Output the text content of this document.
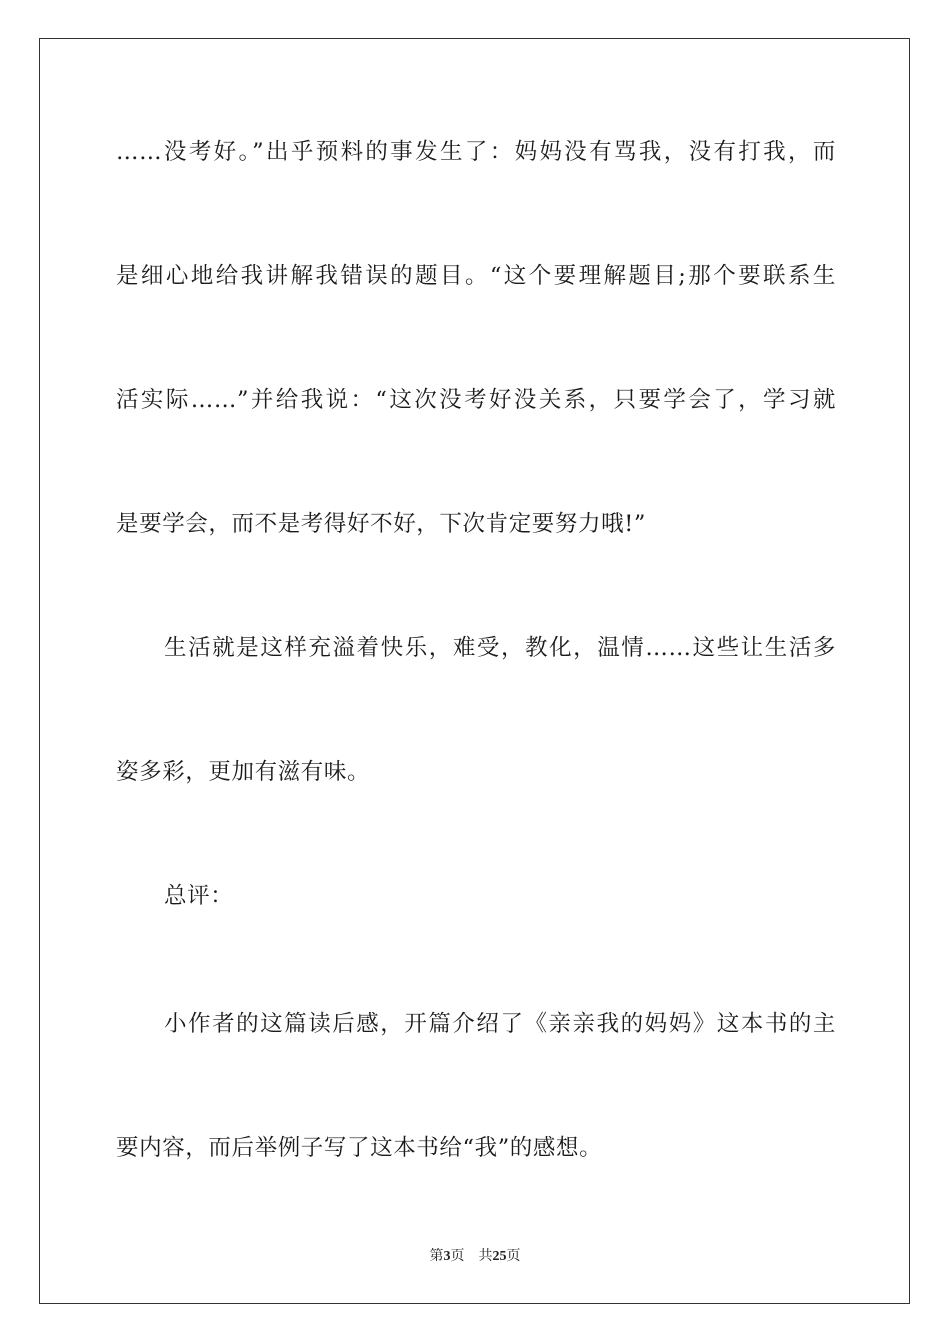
……没考好。”出乎预料的事发生了：妈妈没有骂我，没有打我，而
是细心地给我讲解我错误的题目。“这个要理解题目;那个要联系生
活实际……”并给我说：“这次没考好没关系，只要学会了，学习就
是要学会，而不是考得好不好，下次肯定要努力哦!”
生活就是这样充溢着快乐，难受，教化，温情……这些让生活多
姿多彩，更加有滋有味。
总评：
小作者的这篇读后感，开篇介绍了《亲亲我的妈妈》这本书的主
要内容，而后举例子写了这本书给“我”的感想。
第3页 共25页
